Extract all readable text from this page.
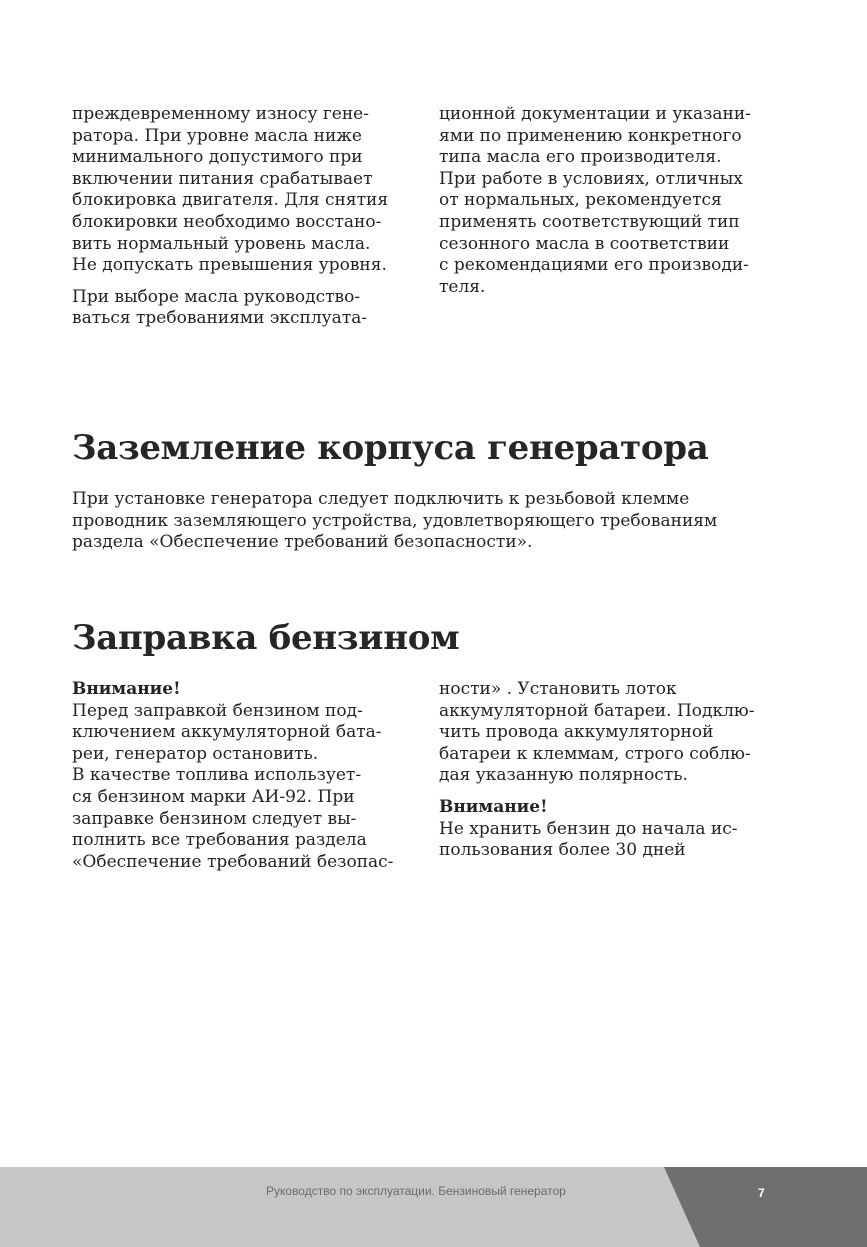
преждевременному износу гене-
ратора. При уровне масла ниже
минимального допустимого при
включении питания срабатывает
блокировка двигателя. Для снятия
блокировки необходимо восстано-
вить нормальный уровень масла.
Не допускать превышения уровня.
При выборе масла руководство-
ваться требованиями эксплуата-
ционной документации и указани-
ями по применению конкретного
типа масла его производителя.
При работе в условиях, отличных
от нормальных, рекомендуется
применять соответствующий тип
сезонного масла в соответствии
с рекомендациями его производи-
теля.
Заземление корпуса генератора
При установке генератора следует подключить к резьбовой клемме
проводник заземляющего устройства, удовлетворяющего требованиям
раздела «Обеспечение требований безопасности».
Заправка бензином
Внимание!
Перед заправкой бензином под-
ключением аккумуляторной бата-
реи, генератор остановить.
В качестве топлива использует-
ся бензином марки АИ-92. При
заправке бензином следует вы-
полнить все требования раздела
«Обеспечение требований безопас-
ности» . Установить лоток
аккумуляторной батареи. Подклю-
чить провода аккумуляторной
батареи к клеммам, строго соблю-
дая указанную полярность.
Внимание!
Не хранить бензин до начала ис-
пользования более 30 дней
Руководство по эксплуатации. Бензиновый генератор	7
